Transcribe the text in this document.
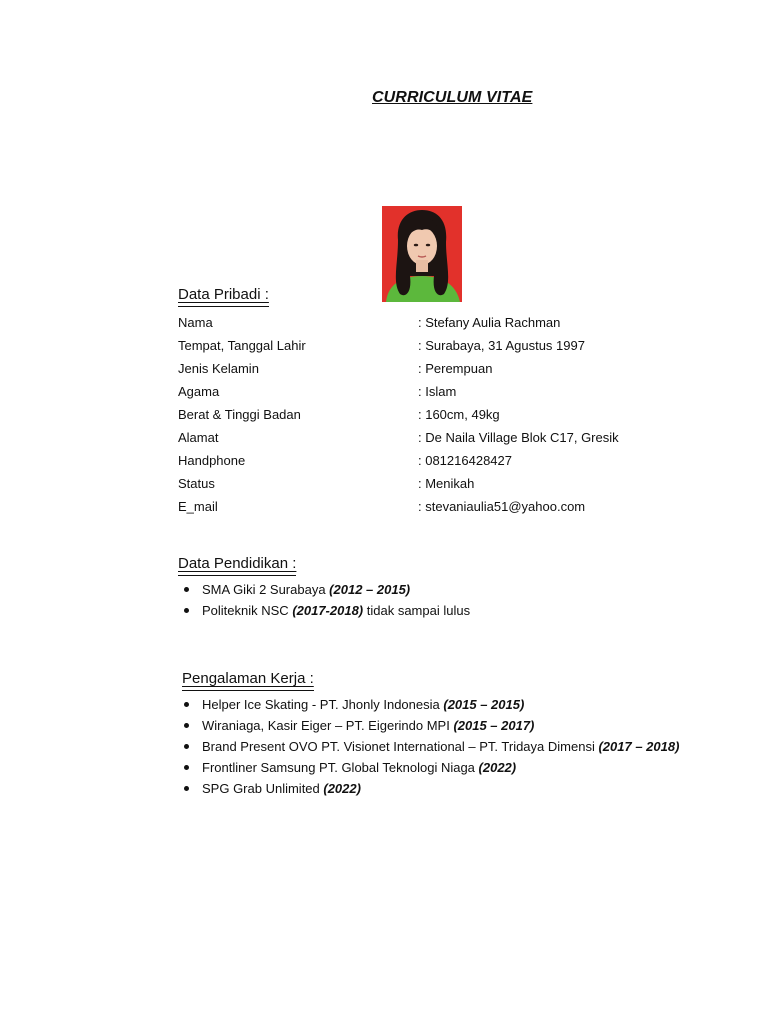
CURRICULUM VITAE
Data Pribadi :
Nama	: Stefany Aulia Rachman
Tempat, Tanggal Lahir	: Surabaya, 31 Agustus 1997
Jenis Kelamin	: Perempuan
Agama	: Islam
Berat & Tinggi Badan	: 160cm, 49kg
Alamat	: De Naila Village Blok C17, Gresik
Handphone	: 081216428427
Status	: Menikah
E_mail	: stevaniaulia51@yahoo.com
Data Pendidikan :
SMA Giki 2 Surabaya (2012 – 2015)
Politeknik NSC (2017-2018) tidak sampai lulus
Pengalaman Kerja :
Helper Ice Skating - PT. Jhonly Indonesia (2015 – 2015)
Wiraniaga, Kasir Eiger – PT. Eigerindo MPI (2015 – 2017)
Brand Present OVO PT. Visionet International – PT. Tridaya Dimensi (2017 – 2018)
Frontliner Samsung PT. Global Teknologi Niaga (2022)
SPG Grab Unlimited (2022)
